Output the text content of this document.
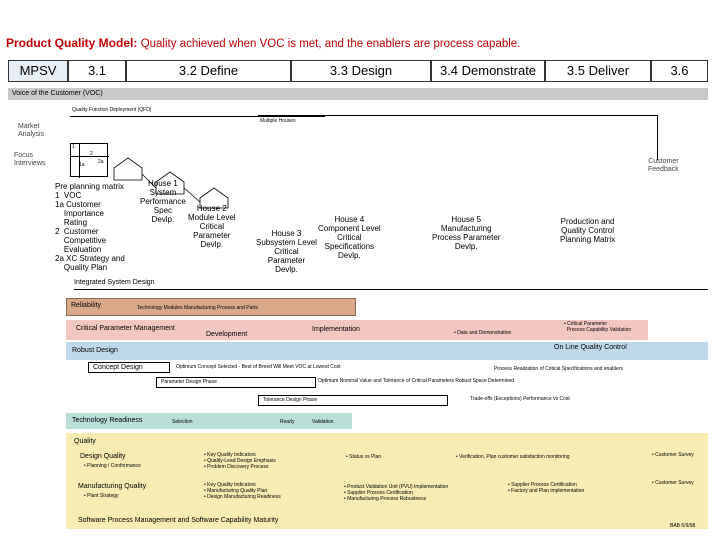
Product Quality Model: Quality achieved when VOC is met, and the enablers are process capable.
MPSV	3.1	3.2 Define	3.3 Design	3.4 Demonstrate	3.5 Deliver	3.6
Voice of the Customer (VOC)
Quality Function Deployment (QFD)
Multiple Houses
Market
Analysis
Focus
Interviews	Customer
Feedback
1
2
1a	2a
Pre planning matrix
1  VOC
1a Customer
Importance
Rating
2  Customer
Competitive
Evaluation
2a XC Strategy and
Quality Plan
House 1
System
Performance
Spec
Devlp.
House 2
Module Level
Critical
Parameter
Devlp.
House 3
Subsystem Level
Critical
Parameter
Devlp.
House 4
Component Level
Critical
Specifications
Devlp.
House 5
Manufacturing
Process Parameter
Devlp.
Production and
Quality Control
Planning Matrix
Integrated System Design
Reliability	Technology Modules Manufacturing Process and Parts
Critical Parameter Management
Development
Implementation	• Data and Demonstration
• Critical Parameter
Process Capability Validation
Robust Design	On Line Quality Control
Concept Design	Optimum Concept Selected - Best of Breed Will Meet VOC at Lowest Cost	Process Realization of Critical Specifications and enablers
Parameter Design Phase	Optimum Nominal Value and Tolerance of Critical Parameters Robust Space Determined
Tolerance Design Phase	Trade-offs (Exceptions) Performance vs Cost
Technology Readiness	Selection	Ready	Validation
Quality
Design Quality
• Planning / Conformance
• Key Quality Indicators
• Quality-Lead Design Emphasis
• Problem Discovery Process
• Status vs Plan	• Verification, Plan customer satisfaction monitoring	• Customer Survey
Manufacturing Quality
• Plant Strategy
• Key Quality Indicators
• Manufacturing Quality Plan
• Design Manufacturing Readiness
• Product Validation Unit (PVU) Implementation
• Supplier Process Certification
• Manufacturing Process Robustness
• Supplier Process Certification
• Factory and Plan implementation
• Customer Survey
Software Process Management and Software Capability Maturity
BAB 6/9/98
